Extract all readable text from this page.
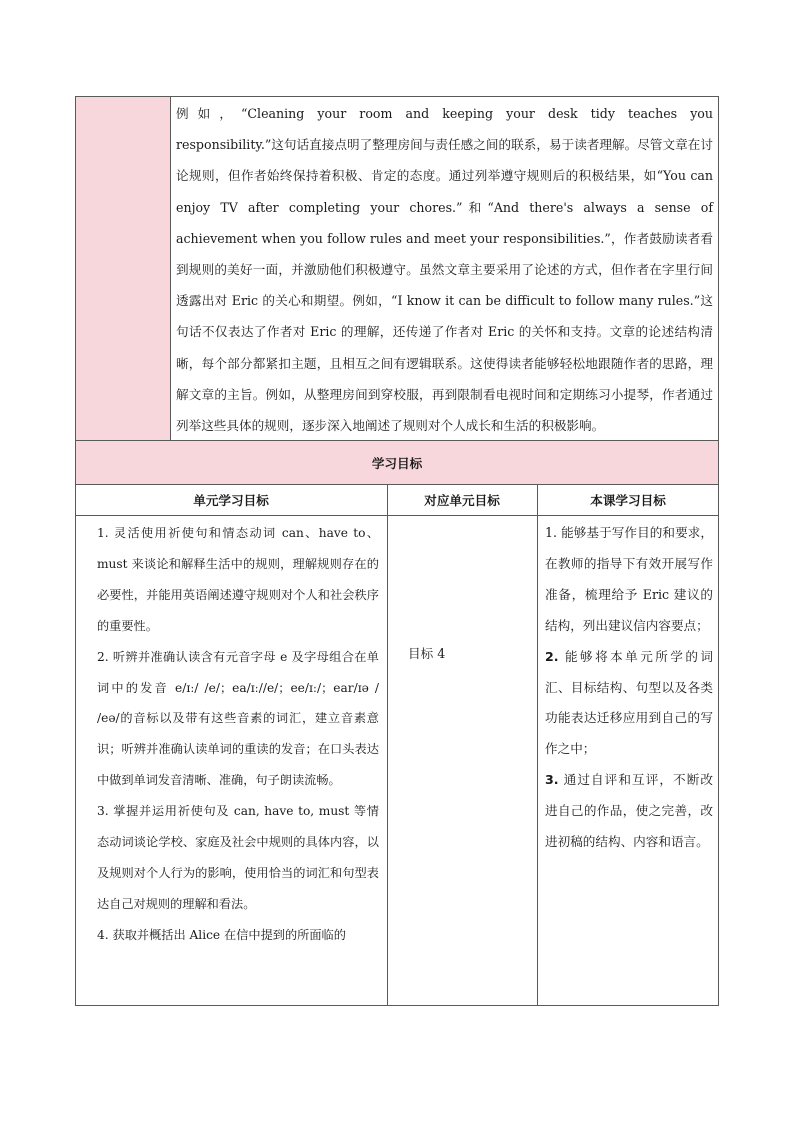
例如，“Cleaning your room and keeping your desk tidy teaches you responsibility.”这句话直接点明了整理房间与责任感之间的联系，易于读者理解。尽管文章在讨论规则，但作者始终保持着积极、肯定的态度。通过列举遵守规则后的积极结果，如“You can enjoy TV after completing your chores.”和“And there's always a sense of achievement when you follow rules and meet your responsibilities.”，作者鼓励读者看到规则的美好一面，并激励他们积极遵守。虽然文章主要采用了论述的方式，但作者在字里行间透露出对 Eric 的关心和期望。例如，“I know it can be difficult to follow many rules.”这句话不仅表达了作者对 Eric 的理解，还传递了作者对 Eric 的关怀和支持。文章的论述结构清晰，每个部分都紧扣主题，且相互之间有逻辑联系。这使得读者能够轻松地跟随作者的思路，理解文章的主旨。例如，从整理房间到穿校服，再到限制看电视时间和定期练习小提琴，作者通过列举这些具体的规则，逐步深入地阐述了规则对个人成长和生活的积极影响。
学习目标
单元学习目标	对应单元目标	本课学习目标

1. 灵活使用祈使句和情态动词 can、have to、must 来谈论和解释生活中的规则，理解规则存在的必要性，并能用英语阐述遵守规则对个人和社会秩序的重要性。

2. 听辨并准确认读含有元音字母 e 及字母组合在单词中的发音 e/ɪː/ /e/；ea/ɪː//e/；ee/ɪː/；ear/ɪə / /eə/的音标以及带有这些音素的词汇，建立音素意识；听辨并准确认读单词的重读的发音；在口头表达中做到单词发音清晰、准确，句子朗读流畅。

3. 掌握并运用祈使句及 can, have to, must 等情态动词谈论学校、家庭及社会中规则的具体内容，以及规则对个人行为的影响，使用恰当的词汇和句型表达自己对规则的理解和看法。

4. 获取并概括出 Alice 在信中提到的所面临的

目标 4

1. 能够基于写作目的和要求，在教师的指导下有效开展写作准备，梳理给予 Eric 建议的结构，列出建议信内容要点；

2. 能够将本单元所学的词汇、目标结构、句型以及各类功能表达迁移应用到自己的写作之中；

3. 通过自评和互评，不断改进自己的作品，使之完善，改进初稿的结构、内容和语言。
